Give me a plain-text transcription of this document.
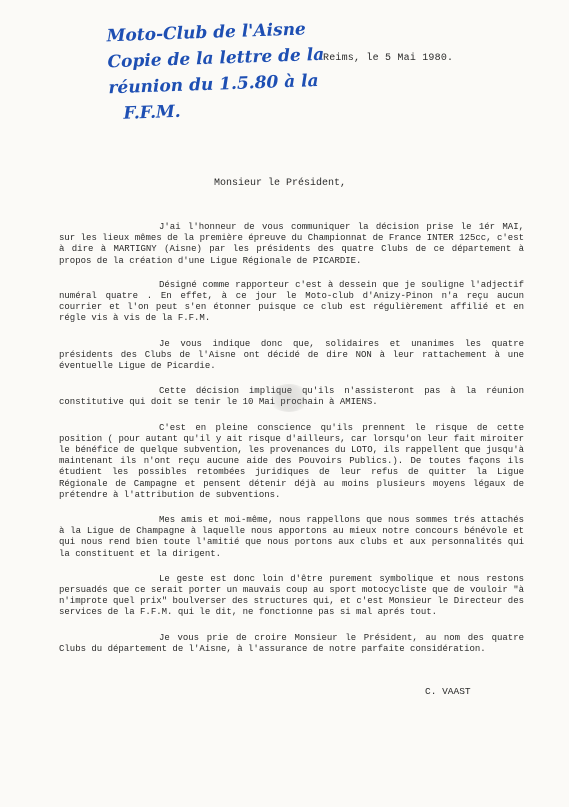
Moto-Club de l'Aisne
Copie de la lettre de la
réunion du 1.5.80 à la
F.F.M.
Reims, le 5 Mai 1980.
Monsieur le Président,

J'ai l'honneur de vous communiquer la décision prise le 1ér MAI, sur les lieux mêmes de la première épreuve du Championnat de France INTER 125cc, c'est à dire à MARTIGNY (Aisne) par les présidents des quatre Clubs de ce département à propos de la création d'une Ligue Régionale de PICARDIE.

Désigné comme rapporteur c'est à dessein que je souligne l'adjectif numéral quatre . En effet, à ce jour le Moto-club d'Anizy-Pinon n'a reçu aucun courrier et l'on peut s'en étonner puisque ce club est régulièrement affilié et en régle vis à vis de la F.F.M.

Je vous indique donc que, solidaires et unanimes les quatre présidents des Clubs de l'Aisne ont décidé de dire NON à leur rattachement à une éventuelle Ligue de Picardie.

Cette décision implique qu'ils n'assisteront pas à la réunion constitutive qui doit se tenir le 10 Mai prochain à AMIENS.

C'est en pleine conscience qu'ils prennent le risque de cette position ( pour autant qu'il y ait risque d'ailleurs, car lorsqu'on leur fait miroiter le bénéfice de quelque subvention, les provenances du LOTO, ils rappellent que jusqu'à maintenant ils n'ont reçu aucune aide des Pouvoirs Publics.). De toutes façons ils étudient les possibles retombées juridiques de leur refus de quitter la Ligue Régionale de Campagne et pensent détenir déjà au moins plusieurs moyens légaux de prétendre à l'attribution de subventions.

Mes amis et moi-même, nous rappellons que nous sommes trés attachés à la Ligue de Champagne à laquelle nous apportons au mieux notre concours bénévole et qui nous rend bien toute l'amitié que nous portons aux clubs et aux personnalités qui la constituent et la dirigent.

Le geste est donc loin d'être purement symbolique et nous restons persuadés que ce serait porter un mauvais coup au sport motocycliste que de vouloir "à n'improte quel prix" boulverser des structures qui, et c'est Monsieur le Directeur des services de la F.F.M. qui le dit, ne fonctionne pas si mal aprés tout.

Je vous prie de croire Monsieur le Président, au nom des quatre Clubs du département de l'Aisne, à l'assurance de notre parfaite considération.

C. VAAST
